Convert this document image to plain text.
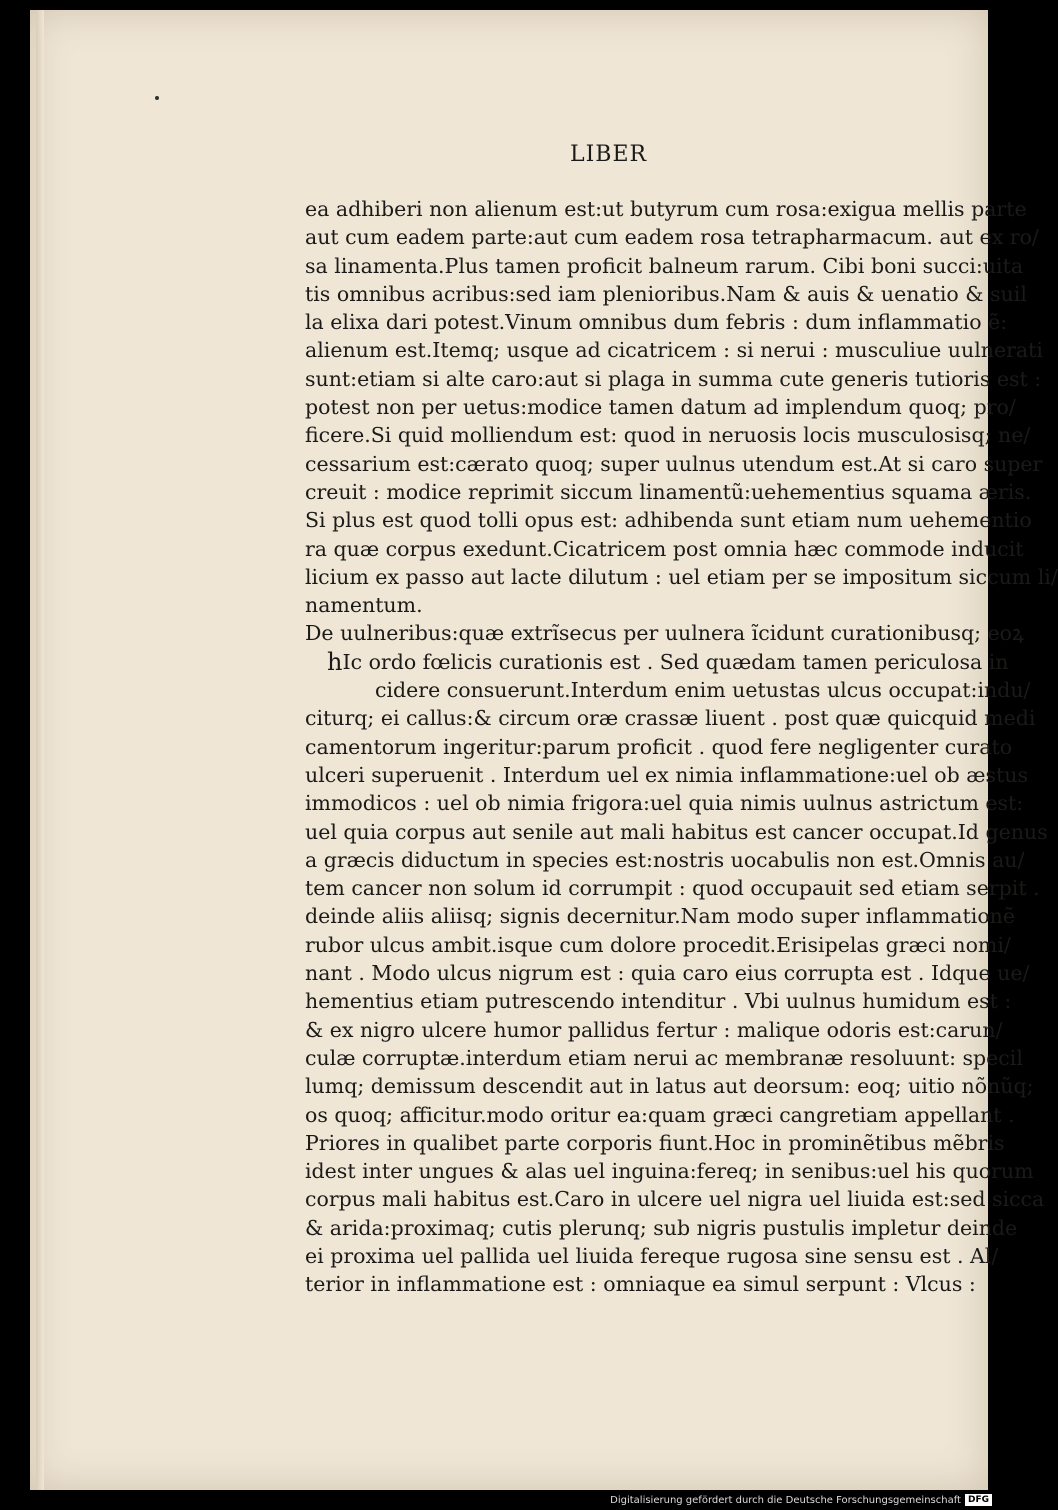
LIBER
ea adhiberi non alienum est:ut butyrum cum rosa:exigua mellis parte
aut cum eadem parte:aut cum eadem rosa tetrapharmacum. aut ex ro/
sa linamenta.Plus tamen proficit balneum rarum. Cibi boni succi:uita
tis omnibus acribus:sed iam plenioribus.Nam & auis & uenatio & suil
la elixa dari potest.Vinum omnibus dum febris : dum inflammatio ẽ:
alienum est.Itemq; usque ad cicatricem : si nerui : musculiue uulnerati
sunt:etiam si alte caro:aut si plaga in summa cute generis tutioris est :
potest non per uetus:modice tamen datum ad implendum quoq; pro/
ficere.Si quid molliendum est: quod in neruosis locis musculosisq; ne/
cessarium est:cærato quoq; super uulnus utendum est.At si caro super
creuit : modice reprimit siccum linamentũ:uehementius squama æris.
Si plus est quod tolli opus est: adhibenda sunt etiam num uehementio
ra quæ corpus exedunt.Cicatricem post omnia hæc commode inducit
licium ex passo aut lacte dilutum : uel etiam per se impositum siccum li/
namentum.
De uulneribus:quæ extrĩsecus per uulnera ĩcidunt curationibusq; eoꝝ
h Ic ordo fœlicis curationis est . Sed quædam tamen periculosa in
cidere consuerunt.Interdum enim uetustas ulcus occupat:indu/
citurq; ei callus:& circum oræ crassæ liuent . post quæ quicquid medi
camentorum ingeritur:parum proficit . quod fere negligenter curato
ulceri superuenit . Interdum uel ex nimia inflammatione:uel ob æstus
immodicos : uel ob nimia frigora:uel quia nimis uulnus astrictum est:
uel quia corpus aut senile aut mali habitus est cancer occupat.Id genus
a græcis diductum in species est:nostris uocabulis non est.Omnis au/
tem cancer non solum id corrumpit : quod occupauit sed etiam serpit .
deinde aliis aliisq; signis decernitur.Nam modo super inflammationẽ
rubor ulcus ambit.isque cum dolore procedit.Erisipelas græci nomi/
nant . Modo ulcus nigrum est : quia caro eius corrupta est . Idque ue/
hementius etiam putrescendo intenditur . Vbi uulnus humidum est :
& ex nigro ulcere humor pallidus fertur : malique odoris est:carun/
culæ corruptæ.interdum etiam nerui ac membranæ resoluunt: specil
lumq; demissum descendit aut in latus aut deorsum: eoq; uitio nõnũq;
os quoq; afficitur.modo oritur ea:quam græci cangretiam appellant .
Priores in qualibet parte corporis fiunt.Hoc in prominẽtibus mẽbris
idest inter ungues & alas uel inguina:fereq; in senibus:uel his quorum
corpus mali habitus est.Caro in ulcere uel nigra uel liuida est:sed sicca
& arida:proximaq; cutis plerunq; sub nigris pustulis impletur deinde
ei proxima uel pallida uel liuida fereque rugosa sine sensu est . Al/
terior in inflammatione est : omniaque ea simul serpunt : Vlcus :
Digitalisierung gefördert durch die Deutsche Forschungsgemeinschaft DFG
